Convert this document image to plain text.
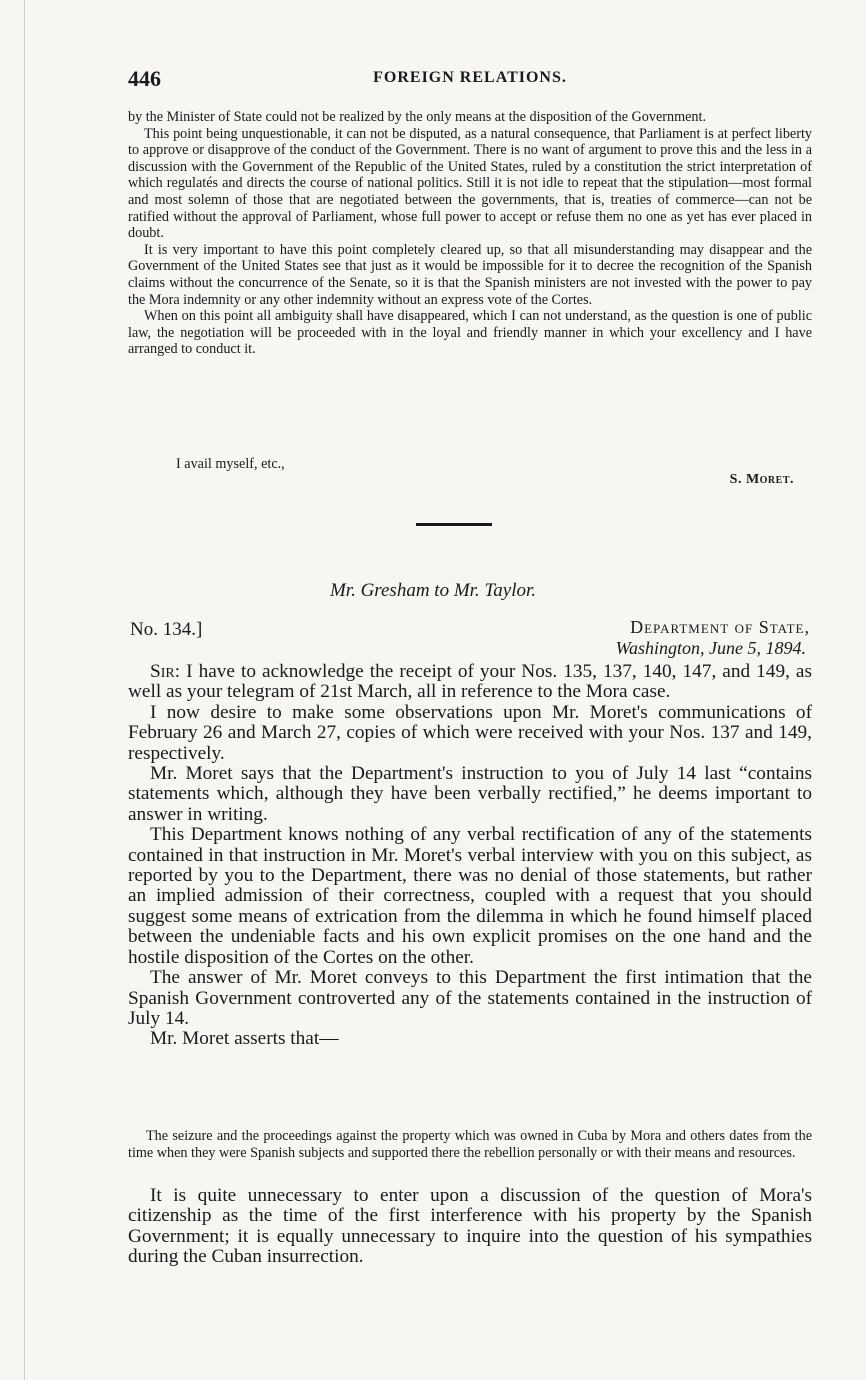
446	FOREIGN RELATIONS.

by the Minister of State could not be realized by the only means at the disposition of the Government.

This point being unquestionable, it can not be disputed, as a natural consequence, that Parliament is at perfect liberty to approve or disapprove of the conduct of the Government. There is no want of argument to prove this and the less in a discussion with the Government of the Republic of the United States, ruled by a constitution the strict interpretation of which regulatés and directs the course of national politics. Still it is not idle to repeat that the stipulation—most formal and most solemn of those that are negotiated between the governments, that is, treaties of commerce—can not be ratified without the approval of Parliament, whose full power to accept or refuse them no one as yet has ever placed in doubt.

It is very important to have this point completely cleared up, so that all misunderstanding may disappear and the Government of the United States see that just as it would be impossible for it to decree the recognition of the Spanish claims without the concurrence of the Senate, so it is that the Spanish ministers are not invested with the power to pay the Mora indemnity or any other indemnity without an express vote of the Cortes.

When on this point all ambiguity shall have disappeared, which I can not understand, as the question is one of public law, the negotiation will be proceeded with in the loyal and friendly manner in which your excellency and I have arranged to conduct it.

I avail myself, etc.,
S. Moret.
Mr. Gresham to Mr. Taylor.
No. 134.]	Department of State,
Washington, June 5, 1894.

Sir: I have to acknowledge the receipt of your Nos. 135, 137, 140, 147, and 149, as well as your telegram of 21st March, all in reference to the Mora case.

I now desire to make some observations upon Mr. Moret's communications of February 26 and March 27, copies of which were received with your Nos. 137 and 149, respectively.

Mr. Moret says that the Department's instruction to you of July 14 last “contains statements which, although they have been verbally rectified,” he deems important to answer in writing.

This Department knows nothing of any verbal rectification of any of the statements contained in that instruction in Mr. Moret's verbal interview with you on this subject, as reported by you to the Department, there was no denial of those statements, but rather an implied admission of their correctness, coupled with a request that you should suggest some means of extrication from the dilemma in which he found himself placed between the undeniable facts and his own explicit promises on the one hand and the hostile disposition of the Cortes on the other.

The answer of Mr. Moret conveys to this Department the first intimation that the Spanish Government controverted any of the statements contained in the instruction of July 14.

Mr. Moret asserts that—

The seizure and the proceedings against the property which was owned in Cuba by Mora and others dates from the time when they were Spanish subjects and supported there the rebellion personally or with their means and resources.

It is quite unnecessary to enter upon a discussion of the question of Mora's citizenship as the time of the first interference with his property by the Spanish Government; it is equally unnecessary to inquire into the question of his sympathies during the Cuban insurrection.
